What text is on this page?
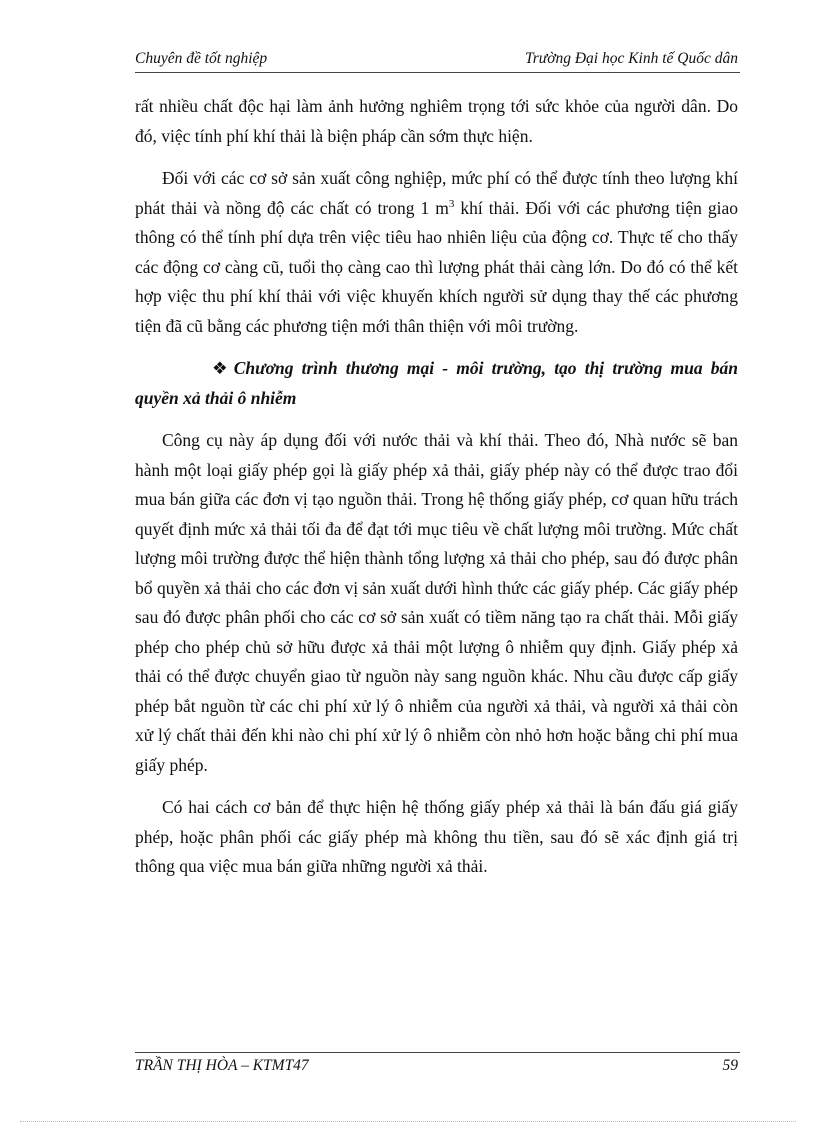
Chuyên đề tốt nghiệp	Trường Đại học Kinh tế Quốc dân

rất nhiều chất độc hại làm ảnh hưởng nghiêm trọng tới sức khỏe của người dân. Do đó, việc tính phí khí thải là biện pháp cần sớm thực hiện.

Đối với các cơ sở sản xuất công nghiệp, mức phí có thể được tính theo lượng khí phát thải và nồng độ các chất có trong 1 $m^3$ khí thải. Đối với các phương tiện giao thông có thể tính phí dựa trên việc tiêu hao nhiên liệu của động cơ. Thực tế cho thấy các động cơ càng cũ, tuổi thọ càng cao thì lượng phát thải càng lớn. Do đó có thể kết hợp việc thu phí khí thải với việc khuyến khích người sử dụng thay thế các phương tiện đã cũ bằng các phương tiện mới thân thiện với môi trường.

❖ Chương trình thương mại - môi trường, tạo thị trường mua bán quyền xả thải ô nhiễm

Công cụ này áp dụng đối với nước thải và khí thải. Theo đó, Nhà nước sẽ ban hành một loại giấy phép gọi là giấy phép xả thải, giấy phép này có thể được trao đổi mua bán giữa các đơn vị tạo nguồn thải. Trong hệ thống giấy phép, cơ quan hữu trách quyết định mức xả thải tối đa để đạt tới mục tiêu về chất lượng môi trường. Mức chất lượng môi trường được thể hiện thành tổng lượng xả thải cho phép, sau đó được phân bổ quyền xả thải cho các đơn vị sản xuất dưới hình thức các giấy phép. Các giấy phép sau đó được phân phối cho các cơ sở sản xuất có tiềm năng tạo ra chất thải. Mỗi giấy phép cho phép chủ sở hữu được xả thải một lượng ô nhiễm quy định. Giấy phép xả thải có thể được chuyển giao từ nguồn này sang nguồn khác. Nhu cầu được cấp giấy phép bắt nguồn từ các chi phí xử lý ô nhiễm của người xả thải, và người xả thải còn xử lý chất thải đến khi nào chi phí xử lý ô nhiễm còn nhỏ hơn hoặc bằng chi phí mua giấy phép.

Có hai cách cơ bản để thực hiện hệ thống giấy phép xả thải là bán đấu giá giấy phép, hoặc phân phối các giấy phép mà không thu tiền, sau đó sẽ xác định giá trị thông qua việc mua bán giữa những người xả thải.

TRẦN THỊ HÒA – KTMT47	59
